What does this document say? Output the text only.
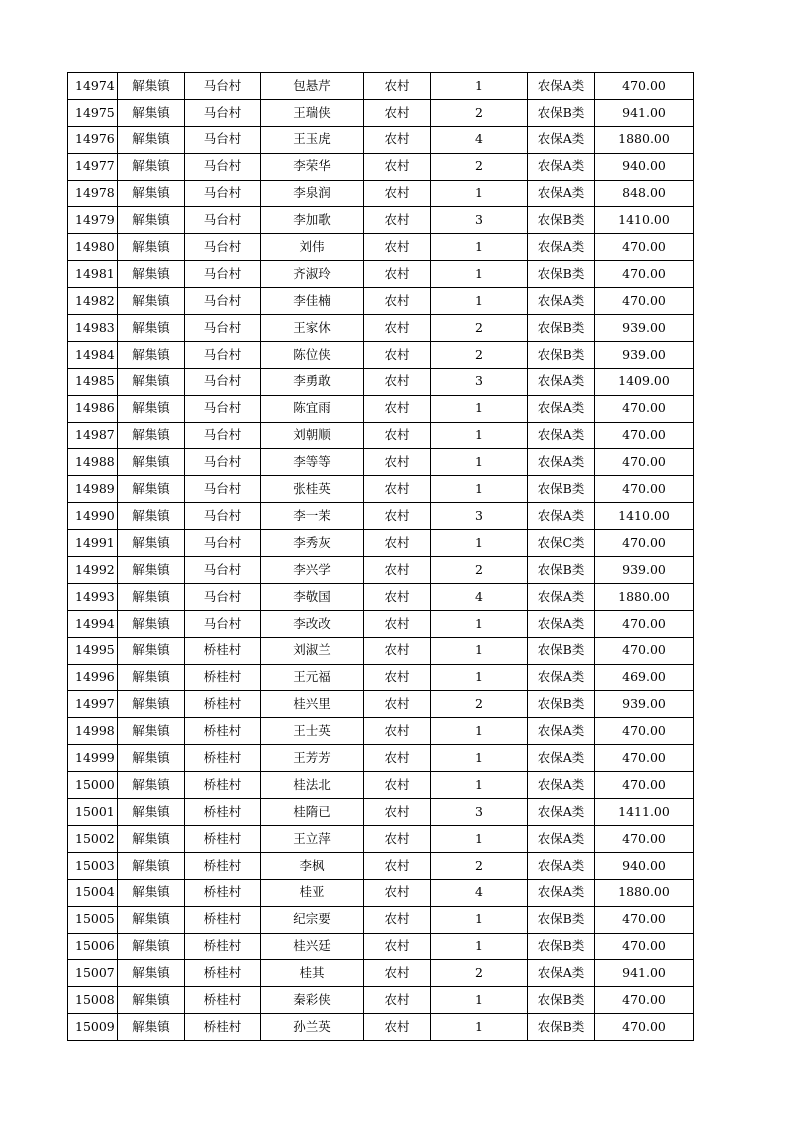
14974	解集镇	马台村	包悬芹	农村	1	农保A类	470.00
14975	解集镇	马台村	王瑞侠	农村	2	农保B类	941.00
14976	解集镇	马台村	王玉虎	农村	4	农保A类	1880.00
14977	解集镇	马台村	李荣华	农村	2	农保A类	940.00
14978	解集镇	马台村	李泉润	农村	1	农保A类	848.00
14979	解集镇	马台村	李加歌	农村	3	农保B类	1410.00
14980	解集镇	马台村	刘伟	农村	1	农保A类	470.00
14981	解集镇	马台村	齐淑玲	农村	1	农保B类	470.00
14982	解集镇	马台村	李佳楠	农村	1	农保A类	470.00
14983	解集镇	马台村	王家休	农村	2	农保B类	939.00
14984	解集镇	马台村	陈位侠	农村	2	农保B类	939.00
14985	解集镇	马台村	李勇敢	农村	3	农保A类	1409.00
14986	解集镇	马台村	陈宜雨	农村	1	农保A类	470.00
14987	解集镇	马台村	刘朝顺	农村	1	农保A类	470.00
14988	解集镇	马台村	李等等	农村	1	农保A类	470.00
14989	解集镇	马台村	张桂英	农村	1	农保B类	470.00
14990	解集镇	马台村	李一茉	农村	3	农保A类	1410.00
14991	解集镇	马台村	李秀灰	农村	1	农保C类	470.00
14992	解集镇	马台村	李兴学	农村	2	农保B类	939.00
14993	解集镇	马台村	李敬国	农村	4	农保A类	1880.00
14994	解集镇	马台村	李改改	农村	1	农保A类	470.00
14995	解集镇	桥桂村	刘淑兰	农村	1	农保B类	470.00
14996	解集镇	桥桂村	王元福	农村	1	农保A类	469.00
14997	解集镇	桥桂村	桂兴里	农村	2	农保B类	939.00
14998	解集镇	桥桂村	王士英	农村	1	农保A类	470.00
14999	解集镇	桥桂村	王芳芳	农村	1	农保A类	470.00
15000	解集镇	桥桂村	桂法北	农村	1	农保A类	470.00
15001	解集镇	桥桂村	桂隋已	农村	3	农保A类	1411.00
15002	解集镇	桥桂村	王立萍	农村	1	农保A类	470.00
15003	解集镇	桥桂村	李枫	农村	2	农保A类	940.00
15004	解集镇	桥桂村	桂亚	农村	4	农保A类	1880.00
15005	解集镇	桥桂村	纪宗要	农村	1	农保B类	470.00
15006	解集镇	桥桂村	桂兴廷	农村	1	农保B类	470.00
15007	解集镇	桥桂村	桂其	农村	2	农保A类	941.00
15008	解集镇	桥桂村	秦彩侠	农村	1	农保B类	470.00
15009	解集镇	桥桂村	孙兰英	农村	1	农保B类	470.00
